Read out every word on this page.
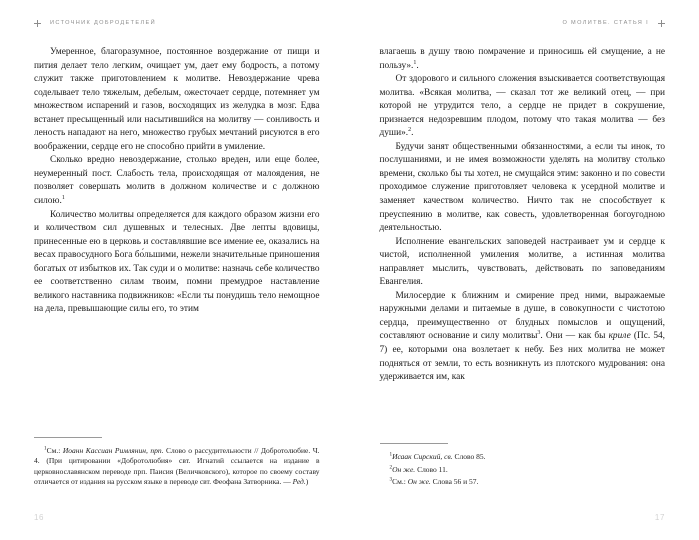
ИСТОЧНИК ДОБРОДЕТЕЛЕЙ

Умеренное, благоразумное, постоянное воздержание от пищи и пития делает тело легким, очищает ум, дает ему бодрость, а потому служит также приготовлением к молитве. Невоздержание чрева соделывает тело тяжелым, дебелым, ожесточает сердце, потемняет ум множеством испарений и газов, восходящих из желудка в мозг. Едва встанет пресыщенный или насытившийся на молитву — сонливость и леность нападают на него, множество грубых мечтаний рисуются в его воображении, сердце его не способно прийти в умиление.

Сколько вредно невоздержание, столько вреден, или еще более, неумеренный пост. Слабость тела, происходящая от малоядения, не позволяет совершать молитв в должном количестве и с должною силою.$^1$

Количество молитвы определяется для каждого образом жизни его и количеством сил душевных и телесных. Две лепты вдовицы, принесенные ею в церковь и составлявшие все имение ее, оказались на весах правосудного Бога бо́льшими, нежели значительные приношения богатых от избытков их. Так суди и о молитве: назначь себе количество ее соответственно силам твоим, помни премудрое наставление великого наставника подвижников: «Если ты понудишь тело немощное на дела, превышающие силы его, то этим

$^1$См.: Иоанн Кассиан Римлянин, прп. Слово о рассудительности // Добротолюбие. Ч. 4. (При цитировании «Добротолюбия» свт. Игнатий ссылается на издание в церковнославянском переводе прп. Паисия (Величковского), которое по своему составу отличается от издания на русском языке в переводе свт. Феофана Затворника. — Ред.)

16
О МОЛИТВЕ. СТАТЬЯ I

влагаешь в душу твою помрачение и приносишь ей смущение, а не пользу».$^1$.

От здорового и сильного сложения взыскивается соответствующая молитва. «Всякая молитва, — сказал тот же великий отец, — при которой не утрудится тело, а сердце не придет в сокрушение, признается недозревшим плодом, потому что такая молитва — без души».$^2$.

Будучи занят общественными обязанностями, а если ты инок, то послушаниями, и не имея возможности уделять на молитву столько времени, сколько бы ты хотел, не смущайся этим: законно и по совести проходимое служение приготовляет человека к усердной молитве и заменяет качеством количество. Ничто так не способствует к преуспеянию в молитве, как совесть, удовлетворенная богоугодною деятельностью.

Исполнение евангельских заповедей настраивает ум и сердце к чистой, исполненной умиления молитве, а истинная молитва направляет мыслить, чувствовать, действовать по заповеданиям Евангелия.

Милосердие к ближним и смирение пред ними, выражаемые наружными делами и питаемые в душе, в совокупности с чистотою сердца, преимущественно от блудных помыслов и ощущений, составляют основание и силу молитвы$^3$. Они — как бы криле (Пс. 54, 7) ее, которыми она возлетает к небу. Без них молитва не может подняться от земли, то есть возникнуть из плотского мудрования: она удерживается им, как

$^1$Исаак Сирский, св. Слово 85.

$^2$Он же. Слово 11.

$^3$См.: Он же. Слова 56 и 57.

17
